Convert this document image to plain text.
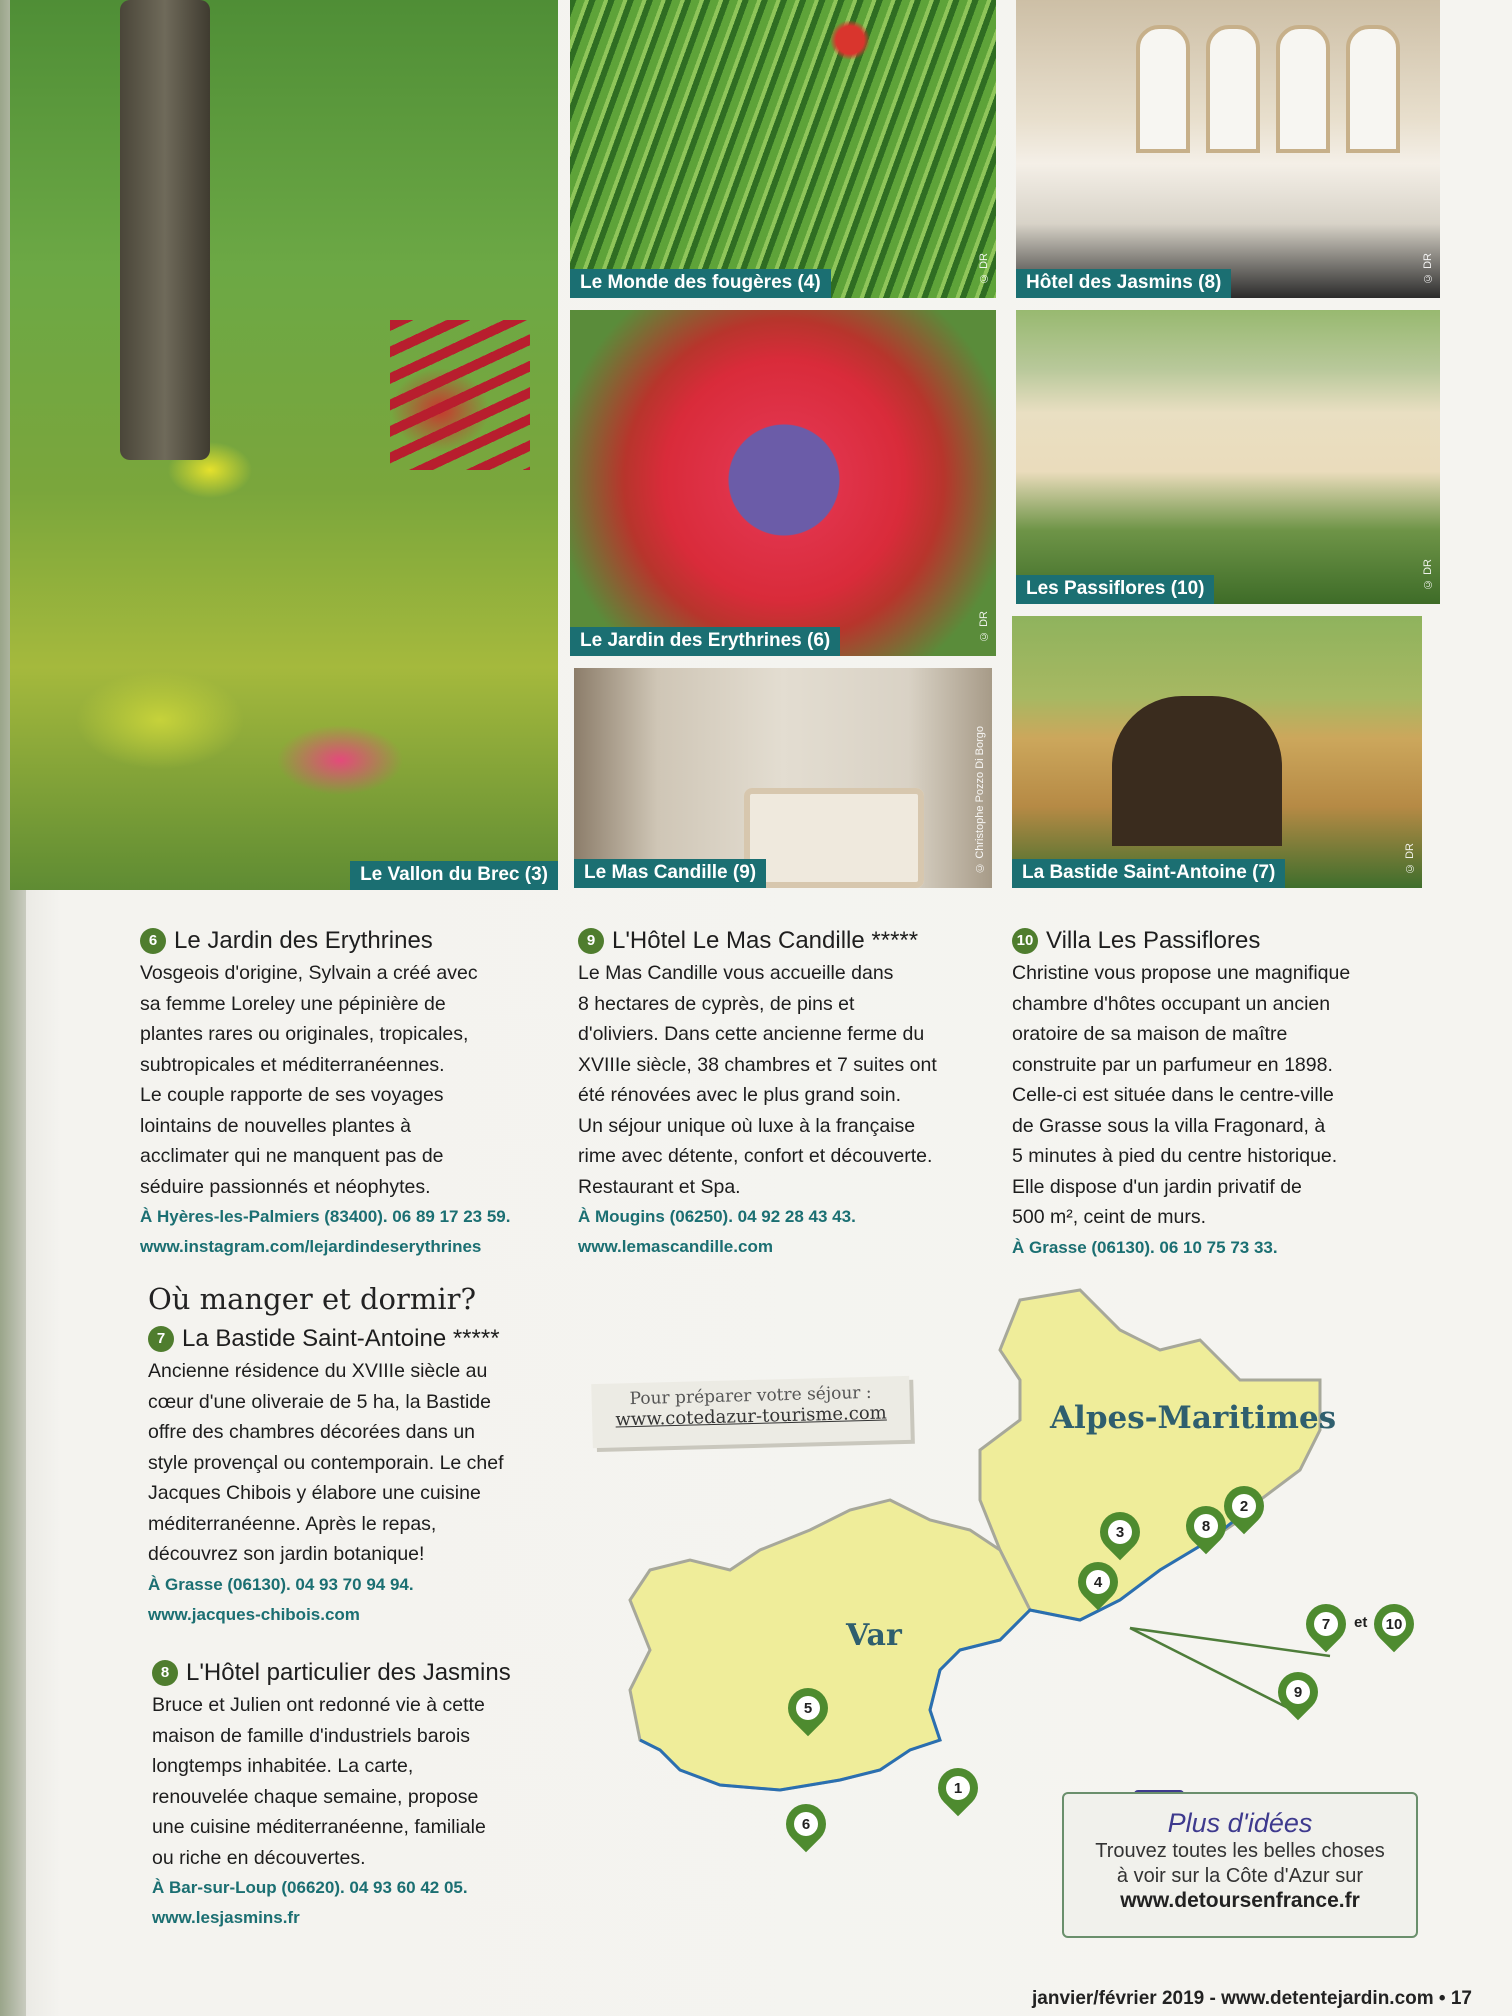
Le Vallon du Brec (3)
Le Monde des fougères (4)	© DR	Hôtel des Jasmins (8)	© DR
Le Jardin des Erythrines (6)	© DR
Les Passiflores (10)	© DR
Le Mas Candille (9)	© Christophe Pozzo Di Borgo	La Bastide Saint-Antoine (7)	© DR
6 Le Jardin des Erythrines
Vosgeois d'origine, Sylvain a créé avec
sa femme Loreley une pépinière de
plantes rares ou originales, tropicales,
subtropicales et méditerranéennes.
Le couple rapporte de ses voyages
lointains de nouvelles plantes à
acclimater qui ne manquent pas de
séduire passionnés et néophytes.
À Hyères-les-Palmiers (83400). 06 89 17 23 59.
www.instagram.com/lejardindeserythrines
9 L'Hôtel Le Mas Candille *****
Le Mas Candille vous accueille dans
8 hectares de cyprès, de pins et
d'oliviers. Dans cette ancienne ferme du
XVIIIe siècle, 38 chambres et 7 suites ont
été rénovées avec le plus grand soin.
Un séjour unique où luxe à la française
rime avec détente, confort et découverte.
Restaurant et Spa.
À Mougins (06250). 04 92 28 43 43.
www.lemascandille.com
10 Villa Les Passiflores
Christine vous propose une magnifique
chambre d'hôtes occupant un ancien
oratoire de sa maison de maître
construite par un parfumeur en 1898.
Celle-ci est située dans le centre-ville
de Grasse sous la villa Fragonard, à
5 minutes à pied du centre historique.
Elle dispose d'un jardin privatif de
500 m², ceint de murs.
À Grasse (06130). 06 10 75 73 33.
Où manger et dormir?
7 La Bastide Saint-Antoine *****
Ancienne résidence du XVIIIe siècle au
cœur d'une oliveraie de 5 ha, la Bastide
offre des chambres décorées dans un
style provençal ou contemporain. Le chef
Jacques Chibois y élabore une cuisine
méditerranéenne. Après le repas,
découvrez son jardin botanique!
À Grasse (06130). 04 93 70 94 94.
www.jacques-chibois.com
8 L'Hôtel particulier des Jasmins
Bruce et Julien ont redonné vie à cette
maison de famille d'industriels barois
longtemps inhabitée. La carte,
renouvelée chaque semaine, propose
une cuisine méditerranéenne, familiale
ou riche en découvertes.
À Bar-sur-Loup (06620). 04 93 60 42 05.
www.lesjasmins.fr
Pour préparer votre séjour :
www.cotedazur-tourisme.com	Alpes-Maritimes
Var
2
8
3
4
7	et 10
9
5
1
6	Plus d'idées
Trouvez toutes les belles choses
à voir sur la Côte d'Azur sur
www.detoursenfrance.fr
janvier/février 2019 - www.detentejardin.com • 17
